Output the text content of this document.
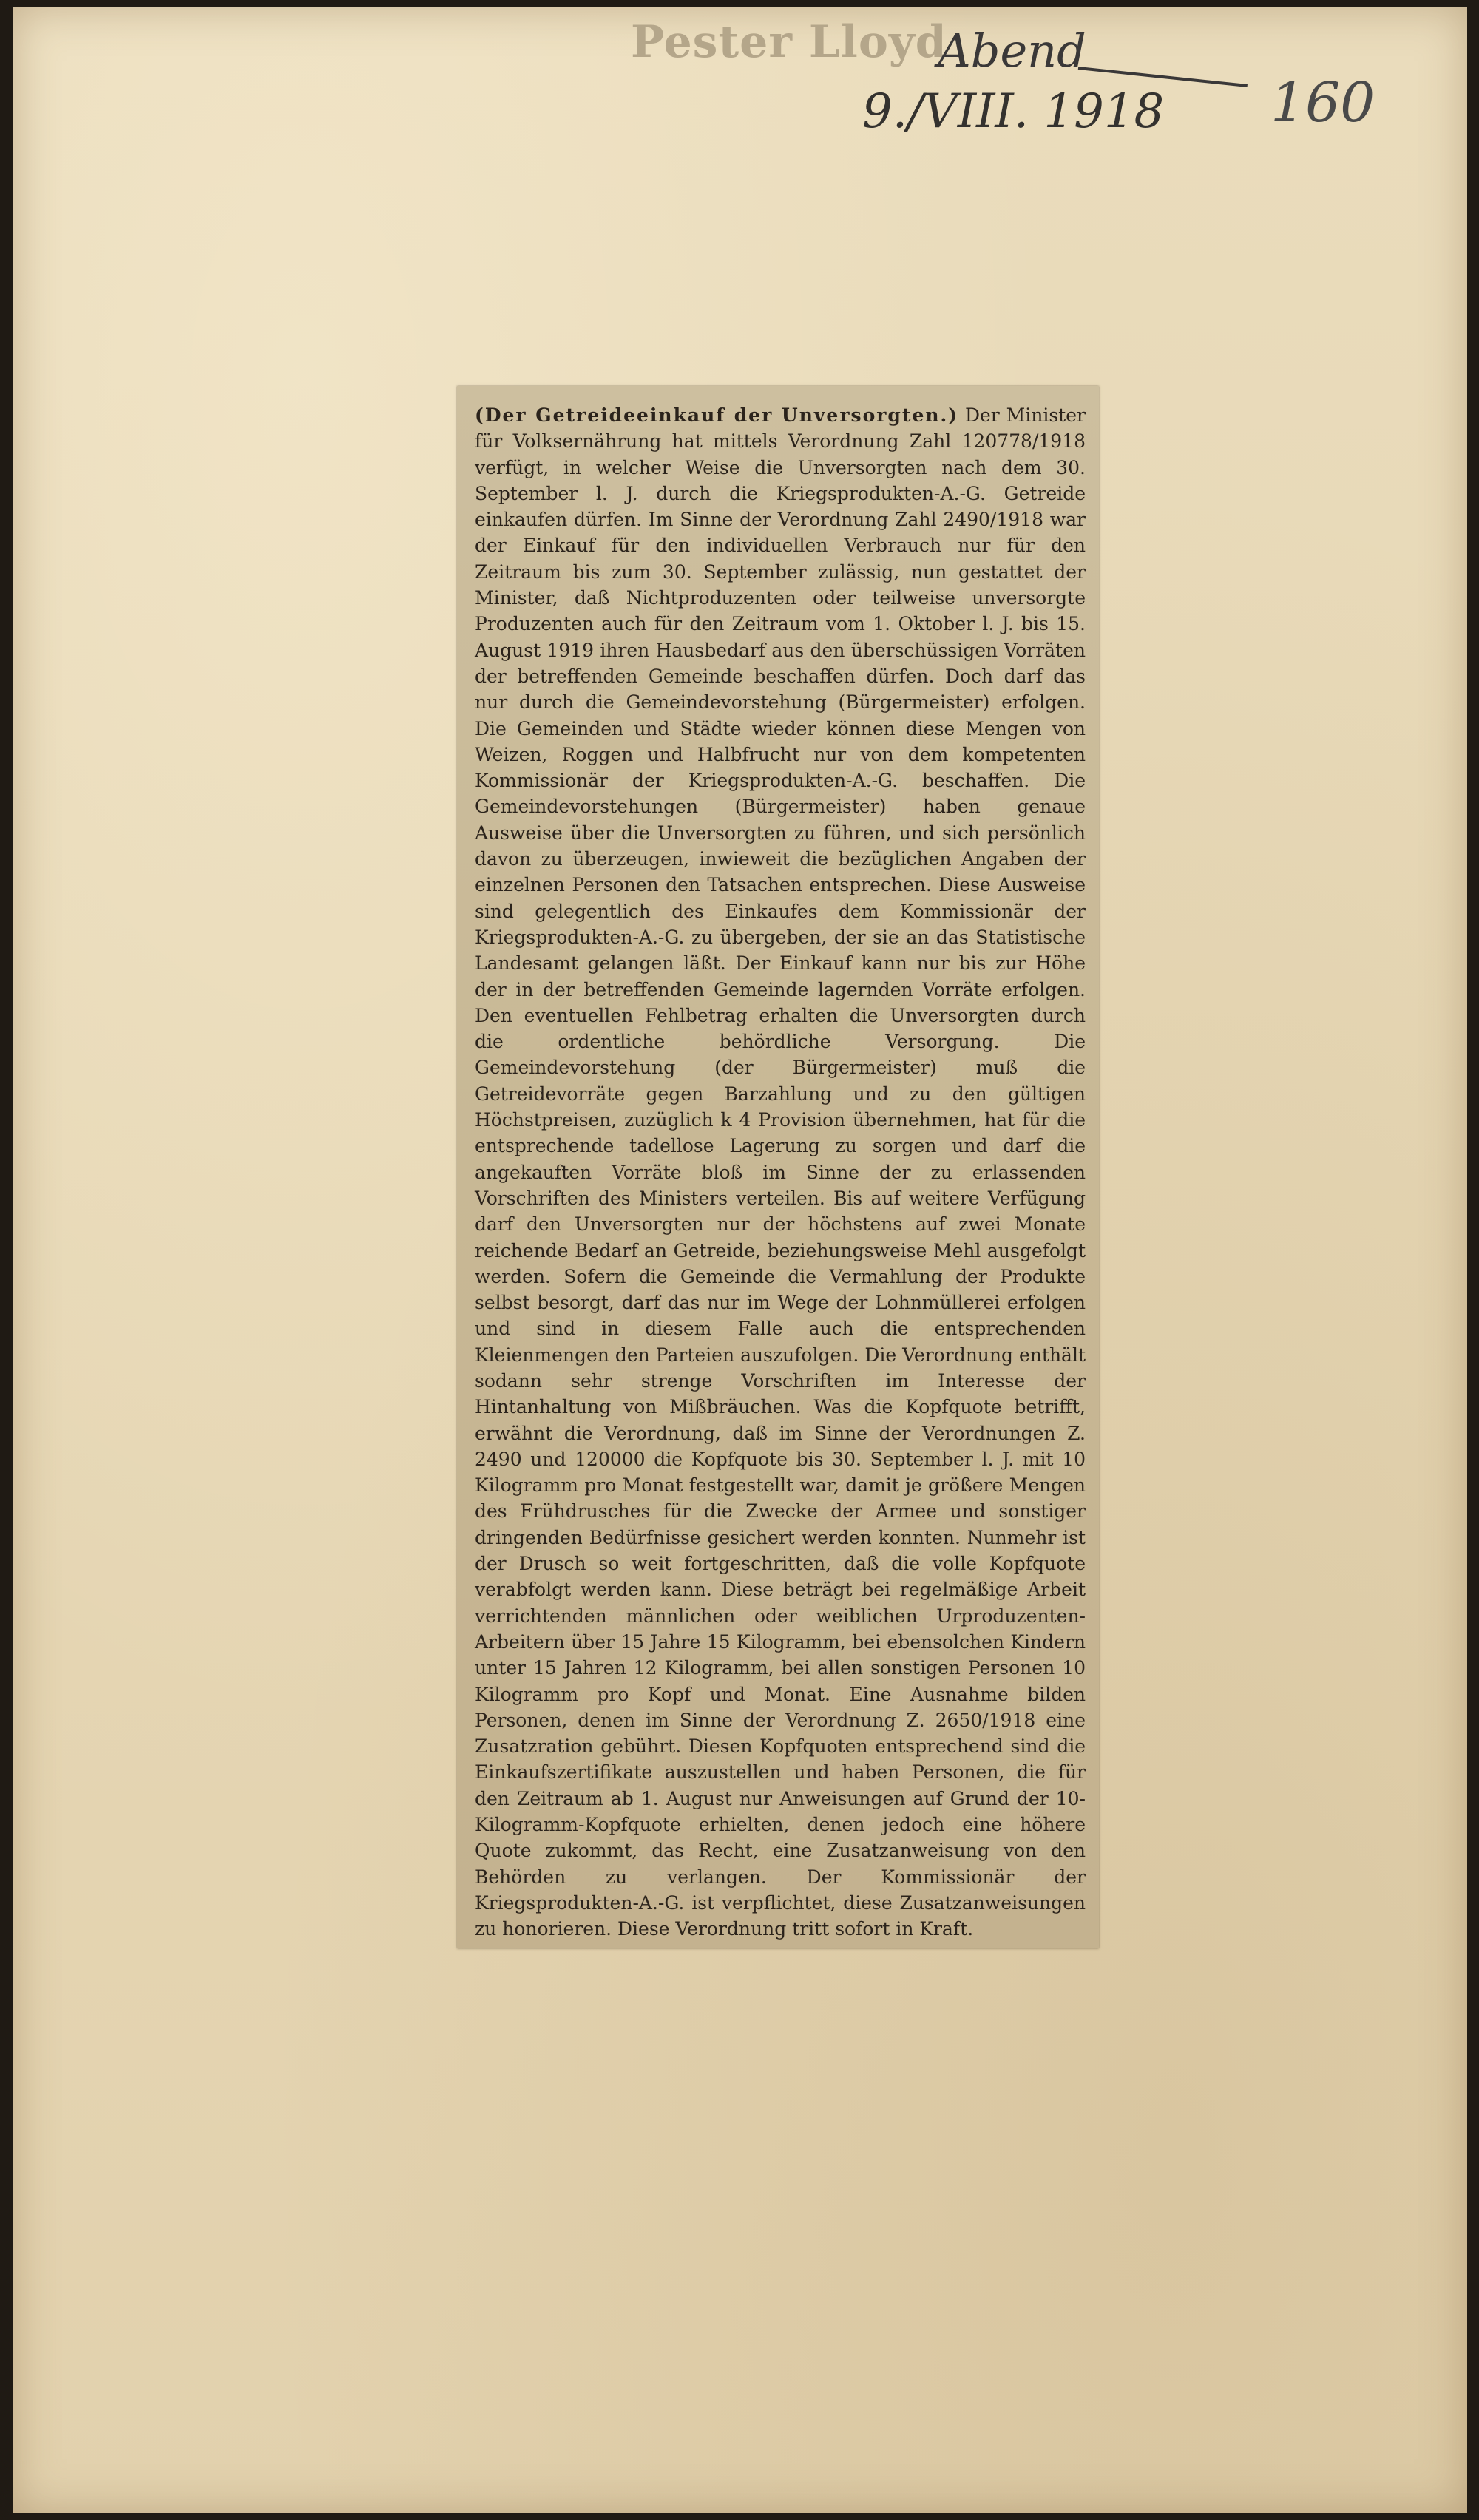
Pester Lloyd
Abend
9./VIII. 1918 160

(Der Getreideeinkauf der Unversorgten.) Der Minister für Volksernährung hat mittels Verordnung Zahl 120778/1918 verfügt, in welcher Weise die Unversorgten nach dem 30. September l. J. durch die Kriegsprodukten-A.-G. Getreide einkaufen dürfen. Im Sinne der Verordnung Zahl 2490/1918 war der Einkauf für den individuellen Verbrauch nur für den Zeitraum bis zum 30. September zulässig, nun gestattet der Minister, daß Nichtproduzenten oder teilweise unversorgte Produzenten auch für den Zeitraum vom 1. Oktober l. J. bis 15. August 1919 ihren Hausbedarf aus den überschüssigen Vorräten der betreffenden Gemeinde beschaffen dürfen. Doch darf das nur durch die Gemeindevorstehung (Bürgermeister) erfolgen. Die Gemeinden und Städte wieder können diese Mengen von Weizen, Roggen und Halbfrucht nur von dem kompetenten Kommissionär der Kriegsprodukten-A.-G. beschaffen. Die Gemeindevorstehungen (Bürgermeister) haben genaue Ausweise über die Unversorgten zu führen, und sich persönlich davon zu überzeugen, inwieweit die bezüglichen Angaben der einzelnen Personen den Tatsachen entsprechen. Diese Ausweise sind gelegentlich des Einkaufes dem Kommissionär der Kriegsprodukten-A.-G. zu übergeben, der sie an das Statistische Landesamt gelangen läßt. Der Einkauf kann nur bis zur Höhe der in der betreffenden Gemeinde lagernden Vorräte erfolgen. Den eventuellen Fehlbetrag erhalten die Unversorgten durch die ordentliche behördliche Versorgung. Die Gemeindevorstehung (der Bürgermeister) muß die Getreidevorräte gegen Barzahlung und zu den gültigen Höchstpreisen, zuzüglich k 4 Provision übernehmen, hat für die entsprechende tadellose Lagerung zu sorgen und darf die angekauften Vorräte bloß im Sinne der zu erlassenden Vorschriften des Ministers verteilen. Bis auf weitere Verfügung darf den Unversorgten nur der höchstens auf zwei Monate reichende Bedarf an Getreide, beziehungsweise Mehl ausgefolgt werden. Sofern die Gemeinde die Vermahlung der Produkte selbst besorgt, darf das nur im Wege der Lohnmüllerei erfolgen und sind in diesem Falle auch die entsprechenden Kleienmengen den Parteien auszufolgen. Die Verordnung enthält sodann sehr strenge Vorschriften im Interesse der Hintanhaltung von Mißbräuchen. Was die Kopfquote betrifft, erwähnt die Verordnung, daß im Sinne der Verordnungen Z. 2490 und 120000 die Kopfquote bis 30. September l. J. mit 10 Kilogramm pro Monat festgestellt war, damit je größere Mengen des Frühdrusches für die Zwecke der Armee und sonstiger dringenden Bedürfnisse gesichert werden konnten. Nunmehr ist der Drusch so weit fortgeschritten, daß die volle Kopfquote verabfolgt werden kann. Diese beträgt bei regelmäßige Arbeit verrichtenden männlichen oder weiblichen Urproduzenten-Arbeitern über 15 Jahre 15 Kilogramm, bei ebensolchen Kindern unter 15 Jahren 12 Kilogramm, bei allen sonstigen Personen 10 Kilogramm pro Kopf und Monat. Eine Ausnahme bilden Personen, denen im Sinne der Verordnung Z. 2650/1918 eine Zusatzration gebührt. Diesen Kopfquoten entsprechend sind die Einkaufszertifikate auszustellen und haben Personen, die für den Zeitraum ab 1. August nur Anweisungen auf Grund der 10-Kilogramm-Kopfquote erhielten, denen jedoch eine höhere Quote zukommt, das Recht, eine Zusatzanweisung von den Behörden zu verlangen. Der Kommissionär der Kriegsprodukten-A.-G. ist verpflichtet, diese Zusatzanweisungen zu honorieren. Diese Verordnung tritt sofort in Kraft.
